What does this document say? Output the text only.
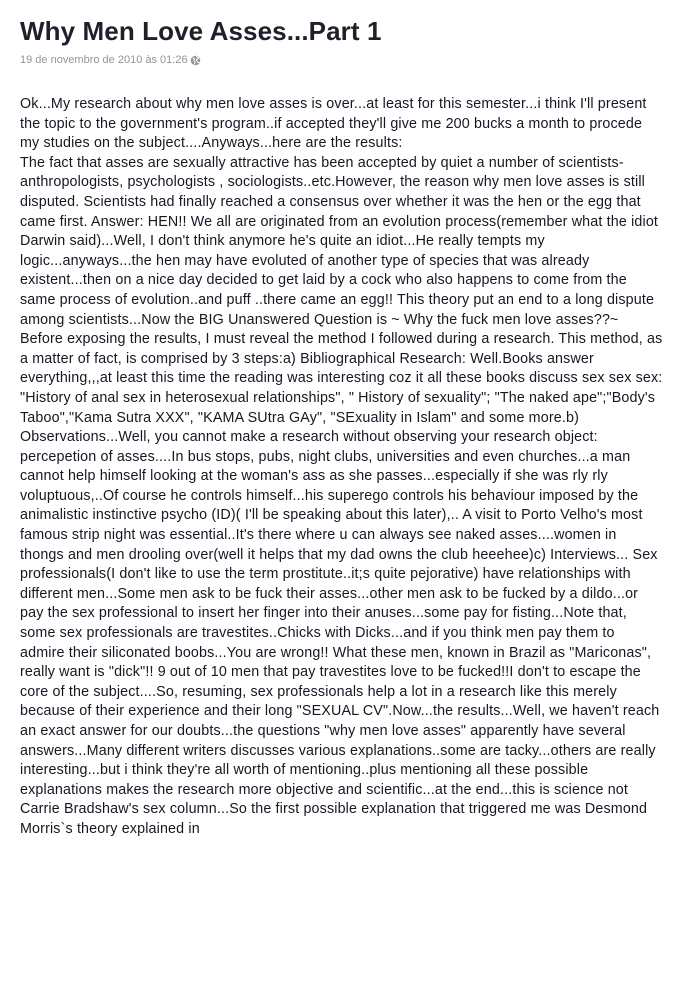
Why Men Love Asses...Part 1
19 de novembro de 2010 às 01:26

Ok...My research about why men love asses is over...at least for this semester...i think I'll present the topic to the government's program..if accepted they'll give me 200 bucks a month to procede my studies on the subject....Anyways...here are the results:

The fact that asses are sexually attractive has been accepted by quiet a number of scientists-anthropologists, psychologists , sociologists..etc.However, the reason why men love asses is still disputed. Scientists had finally reached a consensus over whether it was the hen or the egg that came first. Answer: HEN!! We all are originated from an evolution process(remember what the idiot Darwin said)...Well, I don't think anymore he's quite an idiot...He really tempts my logic...anyways...the hen may have evoluted of another type of species that was already existent...then on a nice day decided to get laid by a cock who also happens to come from the same process of evolution..and puff ..there came an egg!! This theory put an end to a long dispute among scientists...Now the BIG Unanswered Question is ~ Why the fuck men love asses??~ Before exposing the results, I must reveal the method I followed during a research. This method, as a matter of fact, is comprised by 3 steps:a) Bibliographical Research: Well.Books answer everything,,,at least this time the reading was interesting coz it all these books discuss sex sex sex: "History of anal sex in heterosexual relationships", " History of sexuality"; "The naked ape";"Body's Taboo","Kama Sutra XXX", "KAMA SUtra GAy", "SExuality in Islam" and some more.b) Observations...Well, you cannot make a research without observing your research object: percepetion of asses....In bus stops, pubs, night clubs, universities and even churches...a man cannot help himself looking at the woman's ass as she passes...especially if she was rly rly voluptuous,..Of course he controls himself...his superego controls his behaviour imposed by the animalistic instinctive psycho (ID)( I'll be speaking about this later),.. A visit to Porto Velho's most famous strip night was essential..It's there where u can always see naked asses....women in thongs and men drooling over(well it helps that my dad owns the club heeehee)c) Interviews... Sex professionals(I don't like to use the term prostitute..it;s quite pejorative) have relationships with different men...Some men ask to be fuck their asses...other men ask to be fucked by a dildo...or pay the sex professional to insert her finger into their anuses...some pay for fisting...Note that, some sex professionals are travestites..Chicks with Dicks...and if you think men pay them to admire their siliconated boobs...You are wrong!! What these men, known in Brazil as "Mariconas", really want is "dick"!! 9 out of 10 men that pay travestites love to be fucked!!I don't to escape the core of the subject....So, resuming, sex professionals help a lot in a research like this merely because of their experience and their long "SEXUAL CV".Now...the results...Well, we haven't reach an exact answer for our doubts...the questions "why men love asses" apparently have several answers...Many different writers discusses various explanations..some are tacky...others are really interesting...but i think they're all worth of mentioning..plus mentioning all these possible explanations makes the research more objective and scientific...at the end...this is science not Carrie Bradshaw's sex column...So the first possible explanation that triggered me was Desmond Morris`s theory explained in
